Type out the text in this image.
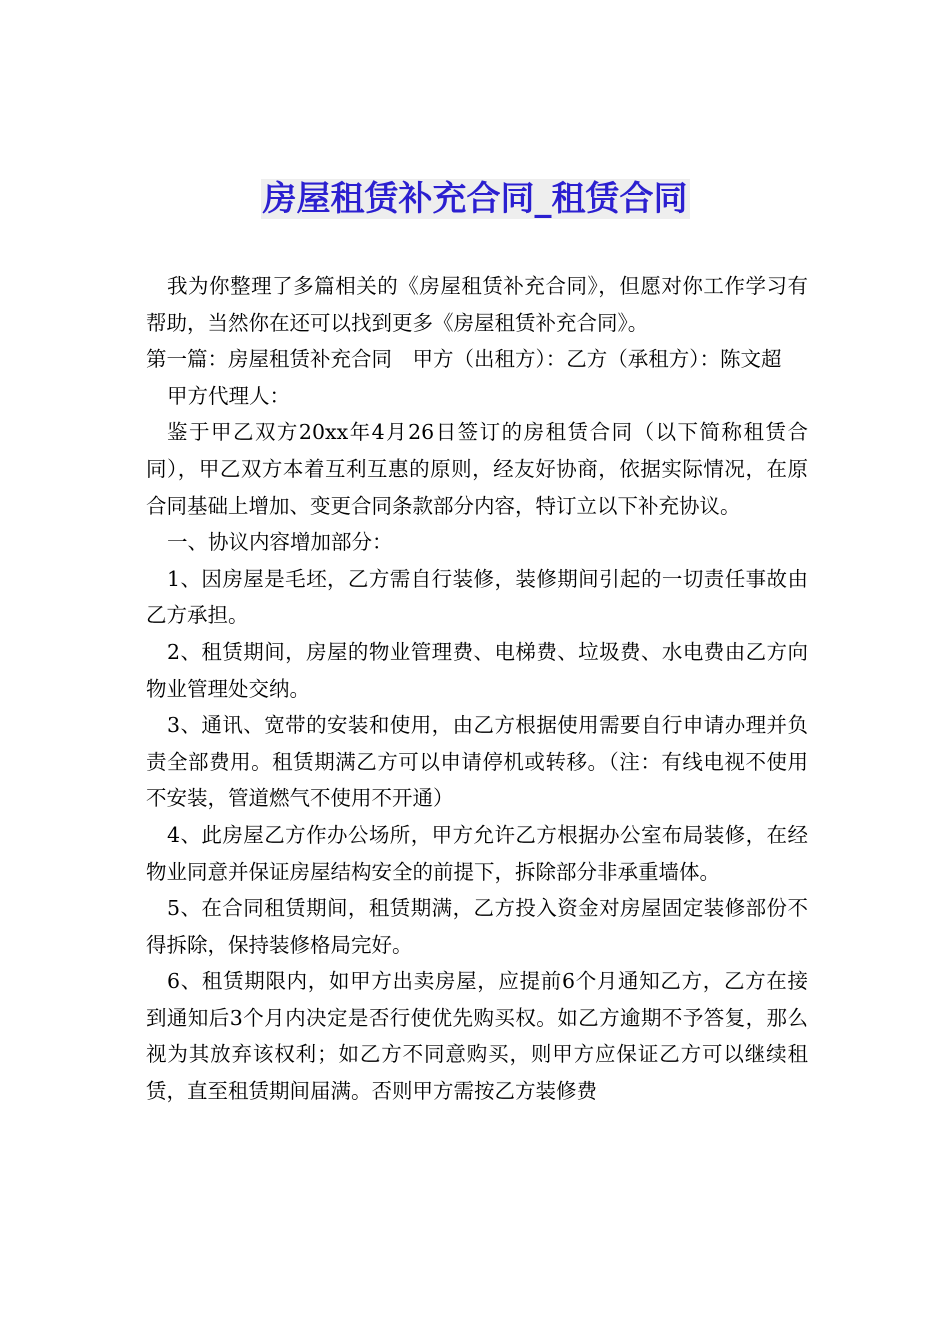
房屋租赁补充合同_租赁合同

我为你整理了多篇相关的《房屋租赁补充合同》，但愿对你工作学习有帮助，当然你在还可以找到更多《房屋租赁补充合同》。

第一篇：房屋租赁补充合同　甲方（出租方）：乙方（承租方）：陈文超

甲方代理人：

鉴于甲乙双方20xx年4月26日签订的房租赁合同（以下简称租赁合同），甲乙双方本着互利互惠的原则，经友好协商，依据实际情况，在原合同基础上增加、变更合同条款部分内容，特订立以下补充协议。

一、协议内容增加部分：

1、因房屋是毛坯，乙方需自行装修，装修期间引起的一切责任事故由乙方承担。

2、租赁期间，房屋的物业管理费、电梯费、垃圾费、水电费由乙方向物业管理处交纳。

3、通讯、宽带的安装和使用，由乙方根据使用需要自行申请办理并负责全部费用。租赁期满乙方可以申请停机或转移。（注：有线电视不使用不安装，管道燃气不使用不开通）

4、此房屋乙方作办公场所，甲方允许乙方根据办公室布局装修，在经物业同意并保证房屋结构安全的前提下，拆除部分非承重墙体。

5、在合同租赁期间，租赁期满，乙方投入资金对房屋固定装修部份不得拆除，保持装修格局完好。

6、租赁期限内，如甲方出卖房屋，应提前6个月通知乙方，乙方在接到通知后3个月内决定是否行使优先购买权。如乙方逾期不予答复，那么视为其放弃该权利；如乙方不同意购买，则甲方应保证乙方可以继续租赁，直至租赁期间届满。否则甲方需按乙方装修费
